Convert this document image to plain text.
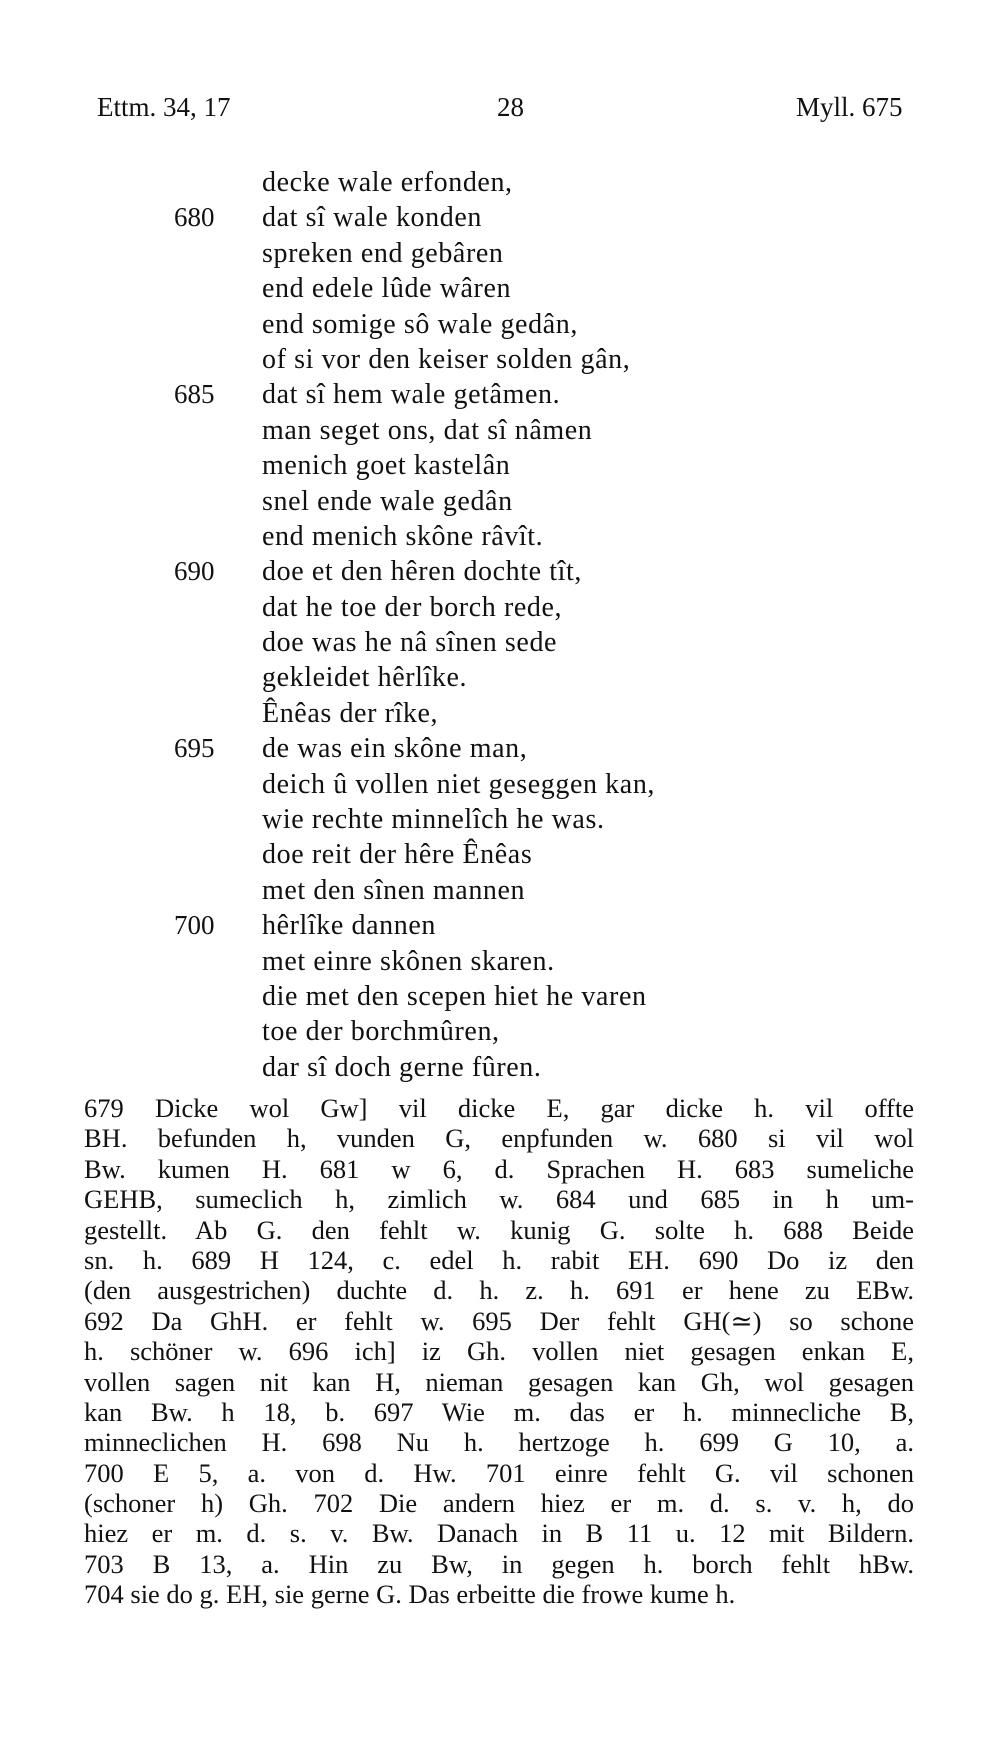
Ettm. 34, 17	28	Myll. 675
decke wale erfonden,
680 dat sî wale konden
spreken end gebâren
end edele lûde wâren
end somige sô wale gedân,
of si vor den keiser solden gân,
685 dat sî hem wale getâmen.
man seget ons, dat sî nâmen
menich goet kastelân
snel ende wale gedân
end menich skône râvît.
690 doe et den hêren dochte tît,
dat he toe der borch rede,
doe was he nâ sînen sede
gekleidet hêrlîke.
Ênêas der rîke,
695 de was ein skône man,
deich û vollen niet geseggen kan,
wie rechte minnelîch he was.
doe reit der hêre Ênêas
met den sînen mannen
700 hêrlîke dannen
met einre skônen skaren.
die met den scepen hiet he varen
toe der borchmûren,
dar sî doch gerne fûren.
679 Dicke wol Gw] vil dicke E, gar dicke h. vil offte
BH. befunden h, vunden G, enpfunden w. 680 si vil wol
Bw. kumen H. 681 w 6, d. Sprachen H. 683 sumeliche
GEHB, sumeclich h, zimlich w. 684 und 685 in h um-
gestellt. Ab G. den fehlt w. kunig G. solte h. 688 Beide
sn. h. 689 H 124, c. edel h. rabit EH. 690 Do iz den
(den ausgestrichen) duchte d. h. z. h. 691 er hene zu EBw.
692 Da GhH. er fehlt w. 695 Der fehlt GH(≃) so schone
h. schöner w. 696 ich] iz Gh. vollen niet gesagen enkan E,
vollen sagen nit kan H, nieman gesagen kan Gh, wol gesagen
kan Bw. h 18, b. 697 Wie m. das er h. minnecliche B,
minneclichen H. 698 Nu h. hertzoge h. 699 G 10, a.
700 E 5, a. von d. Hw. 701 einre fehlt G. vil schonen
(schoner h) Gh. 702 Die andern hiez er m. d. s. v. h, do
hiez er m. d. s. v. Bw. Danach in B 11 u. 12 mit Bildern.
703 B 13, a. Hin zu Bw, in gegen h. borch fehlt hBw.
704 sie do g. EH, sie gerne G. Das erbeitte die frowe kume h.
